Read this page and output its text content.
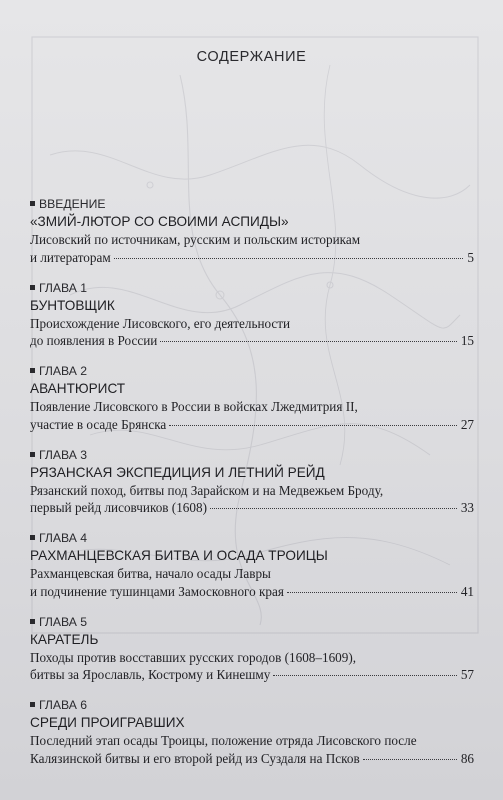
СОДЕРЖАНИЕ
ВВЕДЕНИЕ
«ЗМИЙ-ЛЮТОР СО СВОИМИ АСПИДЫ»
Лисовский по источникам, русским и польским историкам
и литераторам	5
ГЛАВА 1
БУНТОВЩИК
Происхождение Лисовского, его деятельности
до появления в России	15
ГЛАВА 2
АВАНТЮРИСТ
Появление Лисовского в России в войсках Лжедмитрия II,
участие в осаде Брянска	27
ГЛАВА 3
РЯЗАНСКАЯ ЭКСПЕДИЦИЯ И ЛЕТНИЙ РЕЙД
Рязанский поход, битвы под Зарайском и на Медвежьем Броду,
первый рейд лисовчиков (1608)	33
ГЛАВА 4
РАХМАНЦЕВСКАЯ БИТВА И ОСАДА ТРОИЦЫ
Рахманцевская битва, начало осады Лавры
и подчинение тушинцами Замосковного края	41
ГЛАВА 5
КАРАТЕЛЬ
Походы против восставших русских городов (1608–1609),
битвы за Ярославль, Кострому и Кинешму	57
ГЛАВА 6
СРЕДИ ПРОИГРАВШИХ
Последний этап осады Троицы, положение отряда Лисовского после
Калязинской битвы и его второй рейд из Суздаля на Псков	86
